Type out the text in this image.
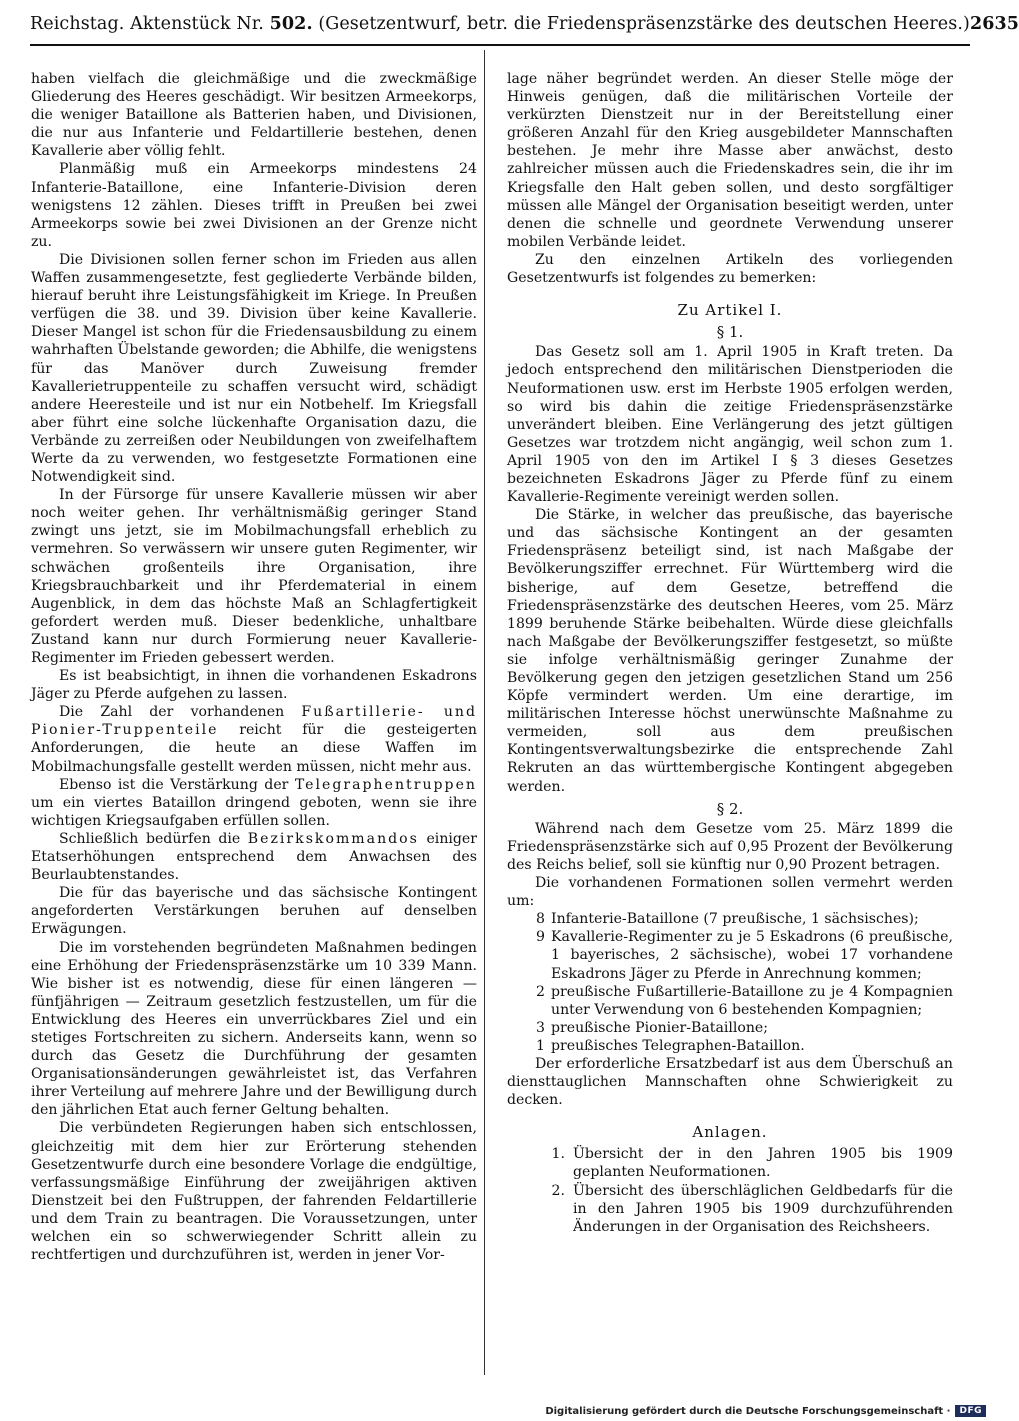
Reichstag. Aktenstück Nr. 502. (Gesetzentwurf, betr. die Friedenspräsenzstärke des deutschen Heeres.) 2635

haben vielfach die gleichmäßige und die zweckmäßige Gliederung des Heeres geschädigt. Wir besitzen Armeekorps, die weniger Bataillone als Batterien haben, und Divisionen, die nur aus Infanterie und Feldartillerie bestehen, denen Kavallerie aber völlig fehlt.

Planmäßig muß ein Armeekorps mindestens 24 Infanterie-Bataillone, eine Infanterie-Division deren wenigstens 12 zählen. Dieses trifft in Preußen bei zwei Armeekorps sowie bei zwei Divisionen an der Grenze nicht zu.

Die Divisionen sollen ferner schon im Frieden aus allen Waffen zusammengesetzte, fest gegliederte Verbände bilden, hierauf beruht ihre Leistungsfähigkeit im Kriege. In Preußen verfügen die 38. und 39. Division über keine Kavallerie. Dieser Mangel ist schon für die Friedensausbildung zu einem wahrhaften Übelstande geworden; die Abhilfe, die wenigstens für das Manöver durch Zuweisung fremder Kavallerietruppenteile zu schaffen versucht wird, schädigt andere Heeresteile und ist nur ein Notbehelf. Im Kriegsfall aber führt eine solche lückenhafte Organisation dazu, die Verbände zu zerreißen oder Neubildungen von zweifelhaftem Werte da zu verwenden, wo festgesetzte Formationen eine Notwendigkeit sind.

In der Fürsorge für unsere Kavallerie müssen wir aber noch weiter gehen. Ihr verhältnismäßig geringer Stand zwingt uns jetzt, sie im Mobilmachungsfall erheblich zu vermehren. So verwässern wir unsere guten Regimenter, wir schwächen großenteils ihre Organisation, ihre Kriegsbrauchbarkeit und ihr Pferdematerial in einem Augenblick, in dem das höchste Maß an Schlagfertigkeit gefordert werden muß. Dieser bedenkliche, unhaltbare Zustand kann nur durch Formierung neuer Kavallerie-Regimenter im Frieden gebessert werden.

Es ist beabsichtigt, in ihnen die vorhandenen Eskadrons Jäger zu Pferde aufgehen zu lassen.

Die Zahl der vorhandenen Fußartillerie- und Pionier-Truppenteile reicht für die gesteigerten Anforderungen, die heute an diese Waffen im Mobilmachungsfalle gestellt werden müssen, nicht mehr aus.

Ebenso ist die Verstärkung der Telegraphentruppen um ein viertes Bataillon dringend geboten, wenn sie ihre wichtigen Kriegsaufgaben erfüllen sollen.

Schließlich bedürfen die Bezirkskommandos einiger Etatserhöhungen entsprechend dem Anwachsen des Beurlaubtenstandes.

Die für das bayerische und das sächsische Kontingent angeforderten Verstärkungen beruhen auf denselben Erwägungen.

Die im vorstehenden begründeten Maßnahmen bedingen eine Erhöhung der Friedenspräsenzstärke um 10 339 Mann. Wie bisher ist es notwendig, diese für einen längeren — fünfjährigen — Zeitraum gesetzlich festzustellen, um für die Entwicklung des Heeres ein unverrückbares Ziel und ein stetiges Fortschreiten zu sichern. Anderseits kann, wenn so durch das Gesetz die Durchführung der gesamten Organisationsänderungen gewährleistet ist, das Verfahren ihrer Verteilung auf mehrere Jahre und der Bewilligung durch den jährlichen Etat auch ferner Geltung behalten.

Die verbündeten Regierungen haben sich entschlossen, gleichzeitig mit dem hier zur Erörterung stehenden Gesetzentwurfe durch eine besondere Vorlage die endgültige, verfassungsmäßige Einführung der zweijährigen aktiven Dienstzeit bei den Fußtruppen, der fahrenden Feldartillerie und dem Train zu beantragen. Die Voraussetzungen, unter welchen ein so schwerwiegender Schritt allein zu rechtfertigen und durchzuführen ist, werden in jener Vor-

lage näher begründet werden. An dieser Stelle möge der Hinweis genügen, daß die militärischen Vorteile der verkürzten Dienstzeit nur in der Bereitstellung einer größeren Anzahl für den Krieg ausgebildeter Mannschaften bestehen. Je mehr ihre Masse aber anwächst, desto zahlreicher müssen auch die Friedenskadres sein, die ihr im Kriegsfalle den Halt geben sollen, und desto sorgfältiger müssen alle Mängel der Organisation beseitigt werden, unter denen die schnelle und geordnete Verwendung unserer mobilen Verbände leidet.

Zu den einzelnen Artikeln des vorliegenden Gesetzentwurfs ist folgendes zu bemerken:

Zu Artikel I.
§ 1.

Das Gesetz soll am 1. April 1905 in Kraft treten. Da jedoch entsprechend den militärischen Dienstperioden die Neuformationen usw. erst im Herbste 1905 erfolgen werden, so wird bis dahin die zeitige Friedenspräsenzstärke unverändert bleiben. Eine Verlängerung des jetzt gültigen Gesetzes war trotzdem nicht angängig, weil schon zum 1. April 1905 von den im Artikel I § 3 dieses Gesetzes bezeichneten Eskadrons Jäger zu Pferde fünf zu einem Kavallerie-Regimente vereinigt werden sollen.

Die Stärke, in welcher das preußische, das bayerische und das sächsische Kontingent an der gesamten Friedenspräsenz beteiligt sind, ist nach Maßgabe der Bevölkerungsziffer errechnet. Für Württemberg wird die bisherige, auf dem Gesetze, betreffend die Friedenspräsenzstärke des deutschen Heeres, vom 25. März 1899 beruhende Stärke beibehalten. Würde diese gleichfalls nach Maßgabe der Bevölkerungsziffer festgesetzt, so müßte sie infolge verhältnismäßig geringer Zunahme der Bevölkerung gegen den jetzigen gesetzlichen Stand um 256 Köpfe vermindert werden. Um eine derartige, im militärischen Interesse höchst unerwünschte Maßnahme zu vermeiden, soll aus dem preußischen Kontingentsverwaltungsbezirke die entsprechende Zahl Rekruten an das württembergische Kontingent abgegeben werden.

§ 2.

Während nach dem Gesetze vom 25. März 1899 die Friedenspräsenzstärke sich auf 0,95 Prozent der Bevölkerung des Reichs belief, soll sie künftig nur 0,90 Prozent betragen.

Die vorhandenen Formationen sollen vermehrt werden um:

8 Infanterie-Bataillone (7 preußische, 1 sächsisches);
9 Kavallerie-Regimenter zu je 5 Eskadrons (6 preußische, 1 bayerisches, 2 sächsische), wobei 17 vorhandene Eskadrons Jäger zu Pferde in Anrechnung kommen;
2 preußische Fußartillerie-Bataillone zu je 4 Kompagnien unter Verwendung von 6 bestehenden Kompagnien;
3 preußische Pionier-Bataillone;
1 preußisches Telegraphen-Bataillon.

Der erforderliche Ersatzbedarf ist aus dem Überschuß an diensttauglichen Mannschaften ohne Schwierigkeit zu decken.

Anlagen.
1. Übersicht der in den Jahren 1905 bis 1909 geplanten Neuformationen.
2. Übersicht des überschläglichen Geldbedarfs für die in den Jahren 1905 bis 1909 durchzuführenden Änderungen in der Organisation des Reichsheers.
Digitalisierung gefördert durch die Deutsche Forschungsgemeinschaft ·	DFG
